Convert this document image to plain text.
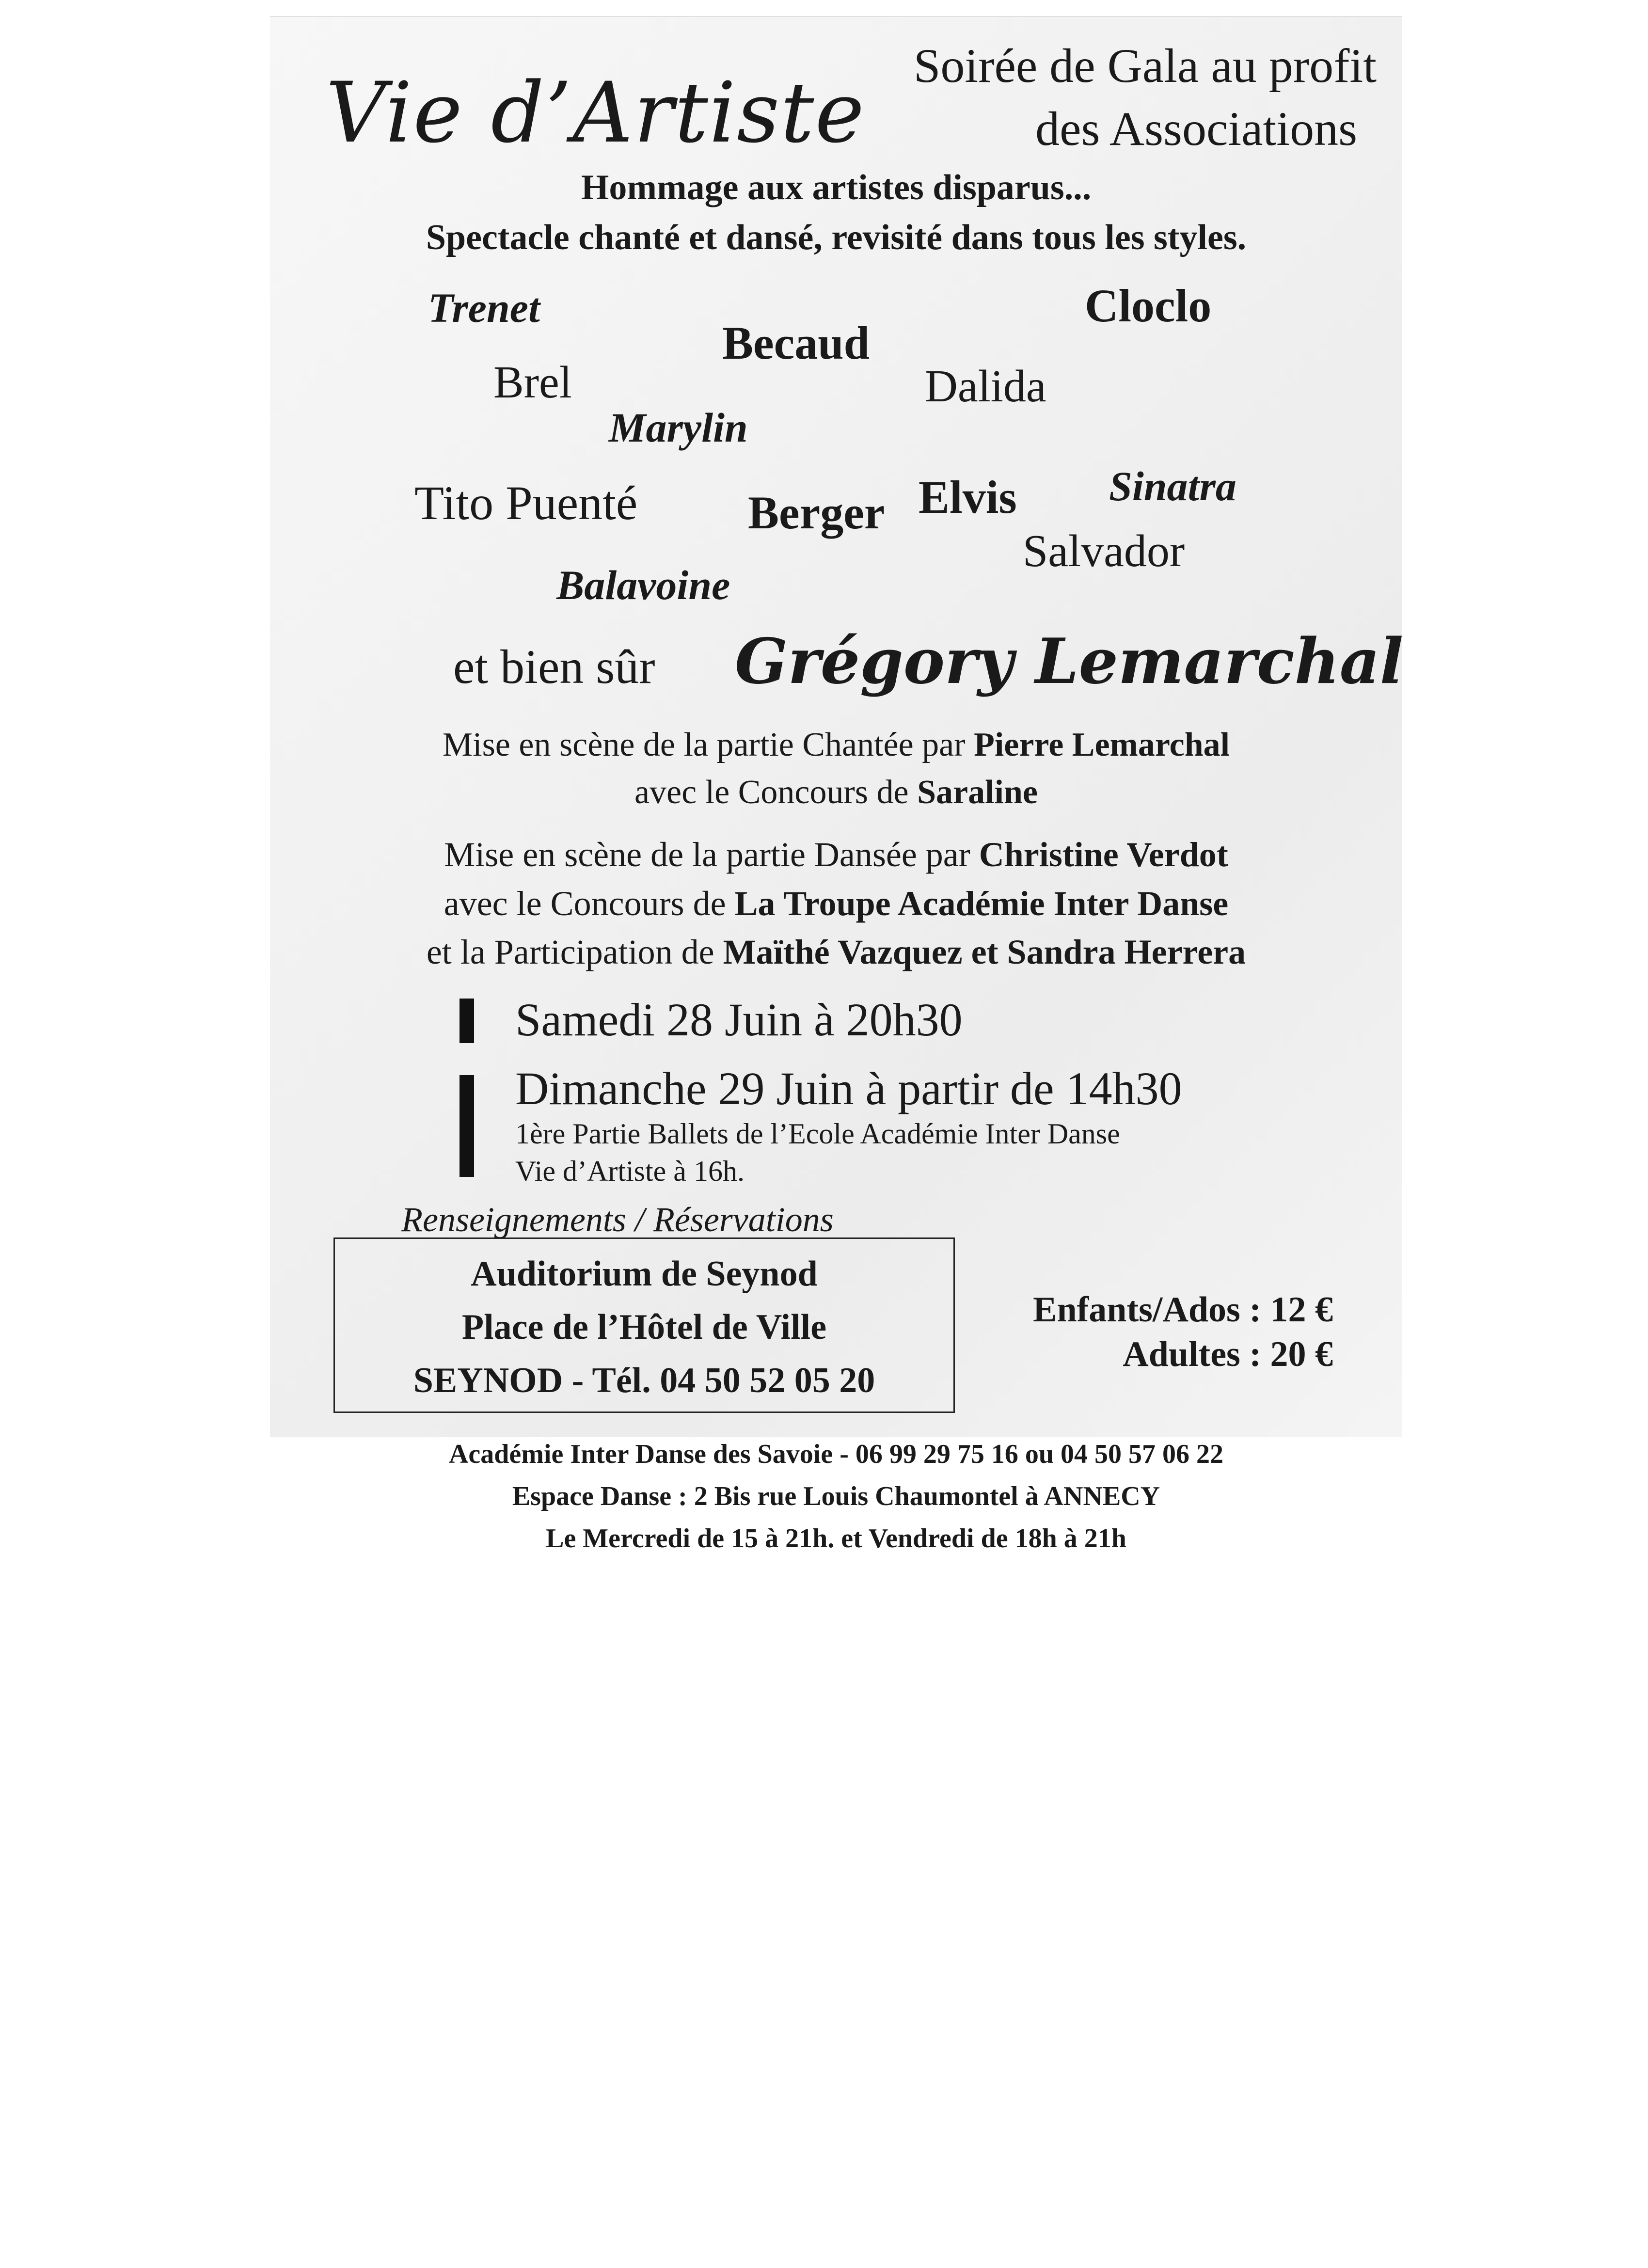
Vie d’Artiste Soirée de Gala au profit
des Associations
Hommage aux artistes disparus...
Spectacle chanté et dansé, revisité dans tous les styles.
Trenet	Cloclo
Becaud
Brel	Dalida
Marylin
Tito Puenté Berger Elvis Sinatra
Salvador
Balavoine
et bien sûr Grégory Lemarchal
Mise en scène de la partie Chantée par Pierre Lemarchal
avec le Concours de Saraline
Mise en scène de la partie Dansée par Christine Verdot
avec le Concours de La Troupe Académie Inter Danse
et la Participation de Maïthé Vazquez et Sandra Herrera
Samedi 28 Juin à 20h30
Dimanche 29 Juin à partir de 14h30
1ère Partie Ballets de l’Ecole Académie Inter Danse
Vie d’Artiste à 16h.
Renseignements / Réservations
Auditorium de Seynod
Place de l’Hôtel de Ville
SEYNOD - Tél. 04 50 52 05 20
Enfants/Ados : 12 €
Adultes : 20 €
Académie Inter Danse des Savoie - 06 99 29 75 16 ou 04 50 57 06 22
Espace Danse : 2 Bis rue Louis Chaumontel à ANNECY
Le Mercredi de 15 à 21h. et Vendredi de 18h à 21h
